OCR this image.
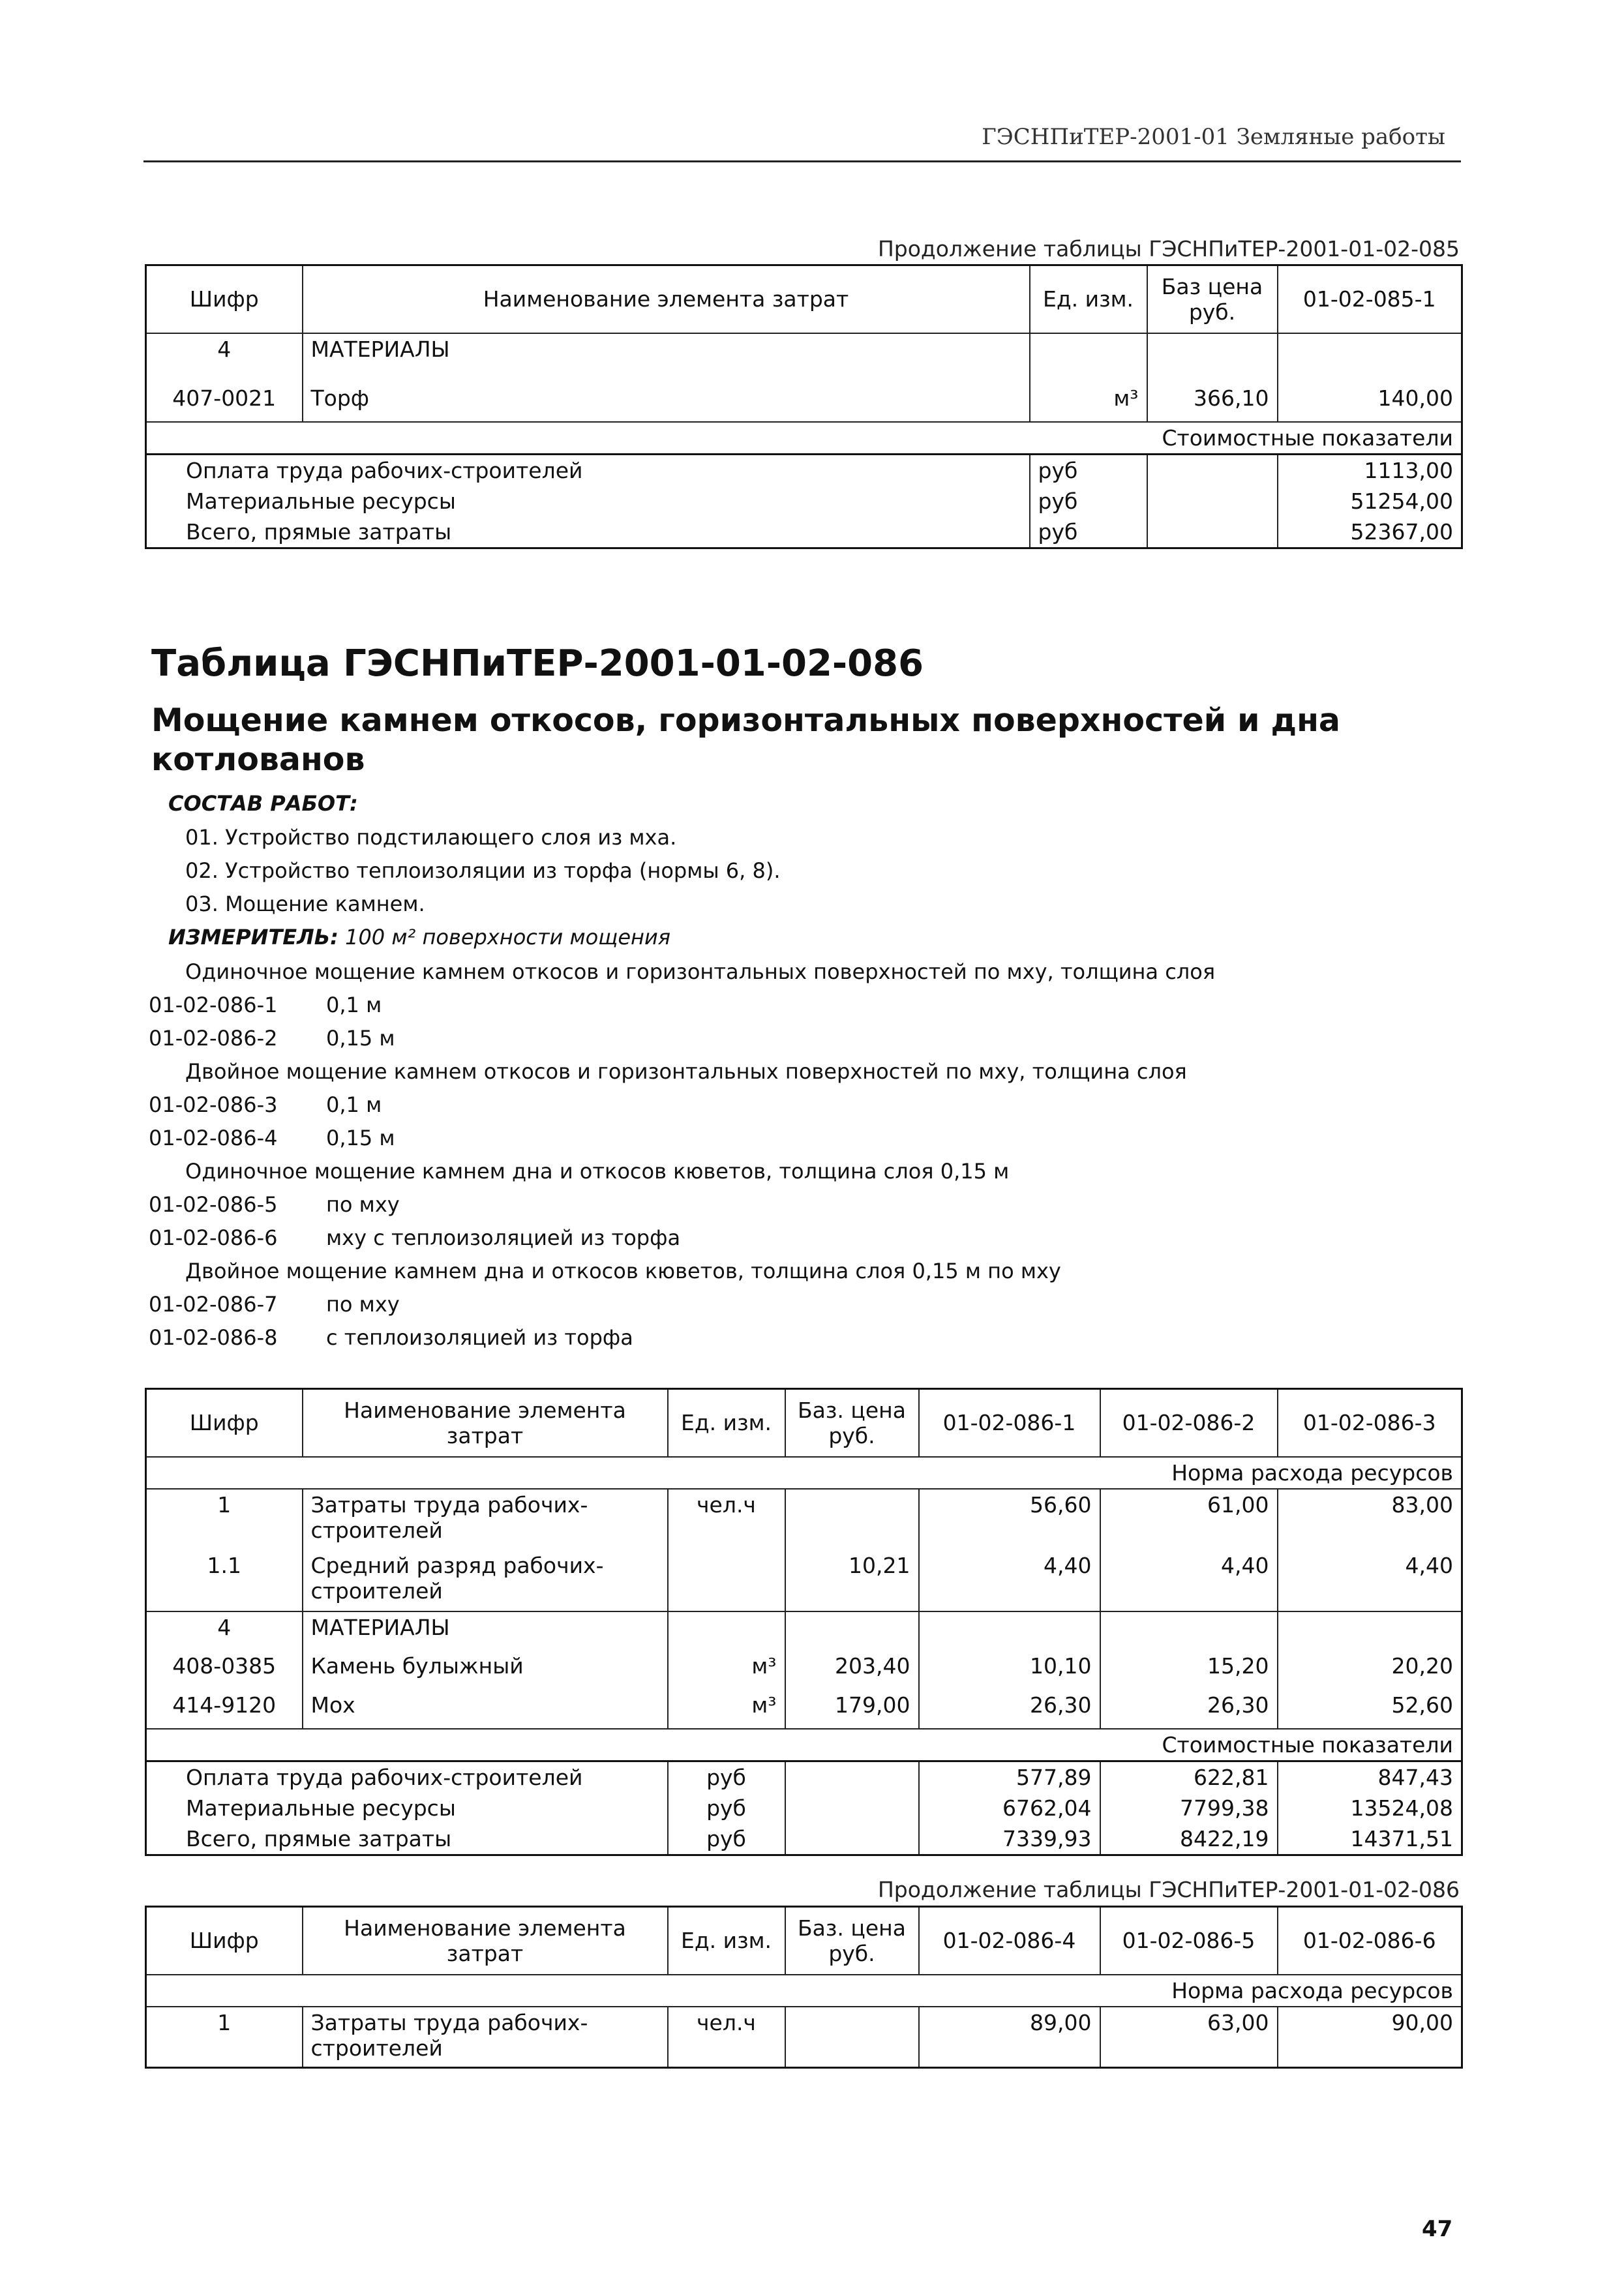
ГЭСНПиТЕР-2001-01 Земляные работы
Продолжение таблицы ГЭСНПиТЕР-2001-01-02-085
Шифр	Наименование элемента затрат	Ед. изм.	Баз цена руб.	01-02-085-1
4	МАТЕРИАЛЫ			
407-0021	Торф	м³	366,10	140,00
Стоимостные показатели				
Оплата труда рабочих-строителей		руб		1113,00
Материальные ресурсы		руб		51254,00
Всего, прямые затраты		руб		52367,00
Таблица ГЭСНПиТЕР-2001-01-02-086
Мощение камнем откосов, горизонтальных поверхностей и дна котлованов
СОСТАВ РАБОТ:
01. Устройство подстилающего слоя из мха.
02. Устройство теплоизоляции из торфа (нормы 6, 8).
03. Мощение камнем.
ИЗМЕРИТЕЛЬ: 100 м² поверхности мощения
Одиночное мощение камнем откосов и горизонтальных поверхностей по мху, толщина слоя
01-02-086-1 0,1 м
01-02-086-2 0,15 м
Двойное мощение камнем откосов и горизонтальных поверхностей по мху, толщина слоя
01-02-086-3 0,1 м
01-02-086-4 0,15 м
Одиночное мощение камнем дна и откосов кюветов, толщина слоя 0,15 м
01-02-086-5 по мху
01-02-086-6 мху с теплоизоляцией из торфа
Двойное мощение камнем дна и откосов кюветов, толщина слоя 0,15 м по мху
01-02-086-7 по мху
01-02-086-8 с теплоизоляцией из торфа
Шифр	Наименование элемента затрат	Ед. изм.	Баз. цена руб.	01-02-086-1	01-02-086-2	01-02-086-3
Норма расхода ресурсов						
1	Затраты труда рабочих-строителей	чел.ч		56,60	61,00	83,00
1.1	Средний разряд рабочих-строителей		10,21	4,40	4,40	4,40
4	МАТЕРИАЛЫ					
408-0385	Камень булыжный	м³	203,40	10,10	15,20	20,20
414-9120	Мох	м³	179,00	26,30	26,30	52,60
Стоимостные показатели						
Оплата труда рабочих-строителей		руб		577,89	622,81	847,43
Материальные ресурсы		руб		6762,04	7799,38	13524,08
Всего, прямые затраты		руб		7339,93	8422,19	14371,51
Продолжение таблицы ГЭСНПиТЕР-2001-01-02-086
Шифр	Наименование элемента затрат	Ед. изм.	Баз. цена руб.	01-02-086-4	01-02-086-5	01-02-086-6
Норма расхода ресурсов						
1	Затраты труда рабочих-строителей	чел.ч		89,00	63,00	90,00
47
